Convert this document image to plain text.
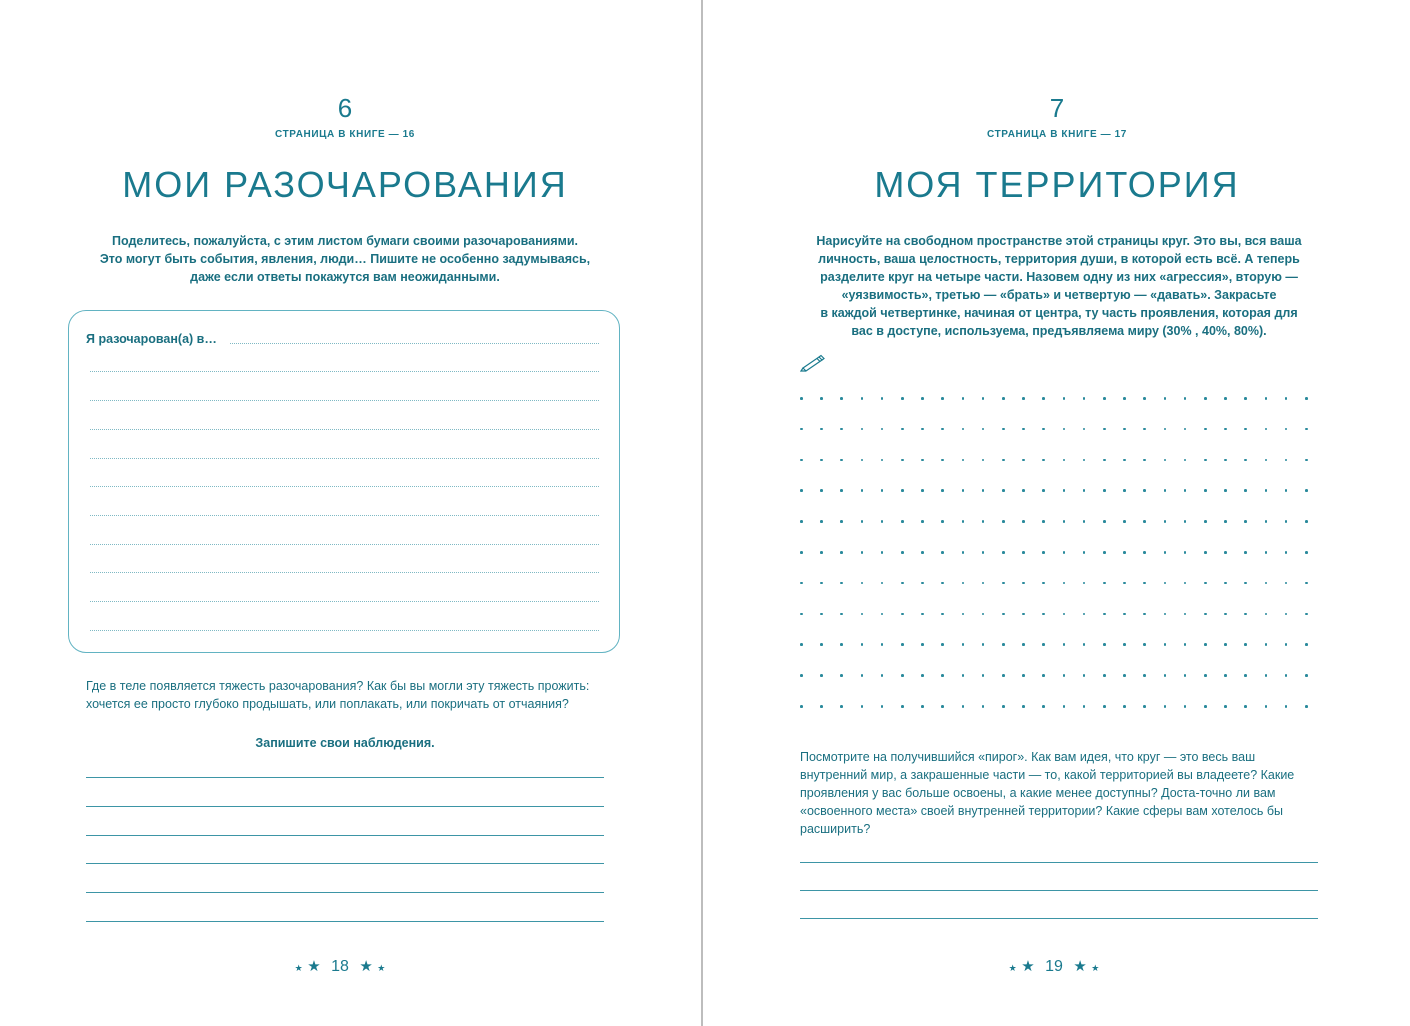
6
СТРАНИЦА В КНИГЕ — 16
МОИ РАЗОЧАРОВАНИЯ
Поделитесь, пожалуйста, с этим листом бумаги своими разочарованиями.
Это могут быть события, явления, люди… Пишите не особенно задумываясь,
даже если ответы покажутся вам неожиданными.
Я разочарован(а) в…
Где в теле появляется тяжесть разочарования? Как бы вы могли эту тяжесть прожить: хочется ее просто глубоко продышать, или поплакать, или покричать от отчаяния?
Запишите свои наблюдения.
★ ★ 18 ★ ★
7
СТРАНИЦА В КНИГЕ — 17
МОЯ ТЕРРИТОРИЯ
Нарисуйте на свободном пространстве этой страницы круг. Это вы, вся ваша
личность, ваша целостность, территория души, в которой есть всё. А теперь
разделите круг на четыре части. Назовем одну из них «агрессия», вторую —
«уязвимость», третью — «брать» и четвертую — «давать». Закрасьте
в каждой четвертинке, начиная от центра, ту часть проявления, которая для
вас в доступе, используема, предъявляема миру (30% , 40%, 80%).
Посмотрите на получившийся «пирог». Как вам идея, что круг — это весь ваш внутренний мир, а закрашенные части — то, какой территорией вы владеете? Какие проявления у вас больше освоены, а какие менее доступны? Доста-точно ли вам «освоенного места» своей внутренней территории? Какие сферы вам хотелось бы расширить?
★ ★ 19 ★ ★
